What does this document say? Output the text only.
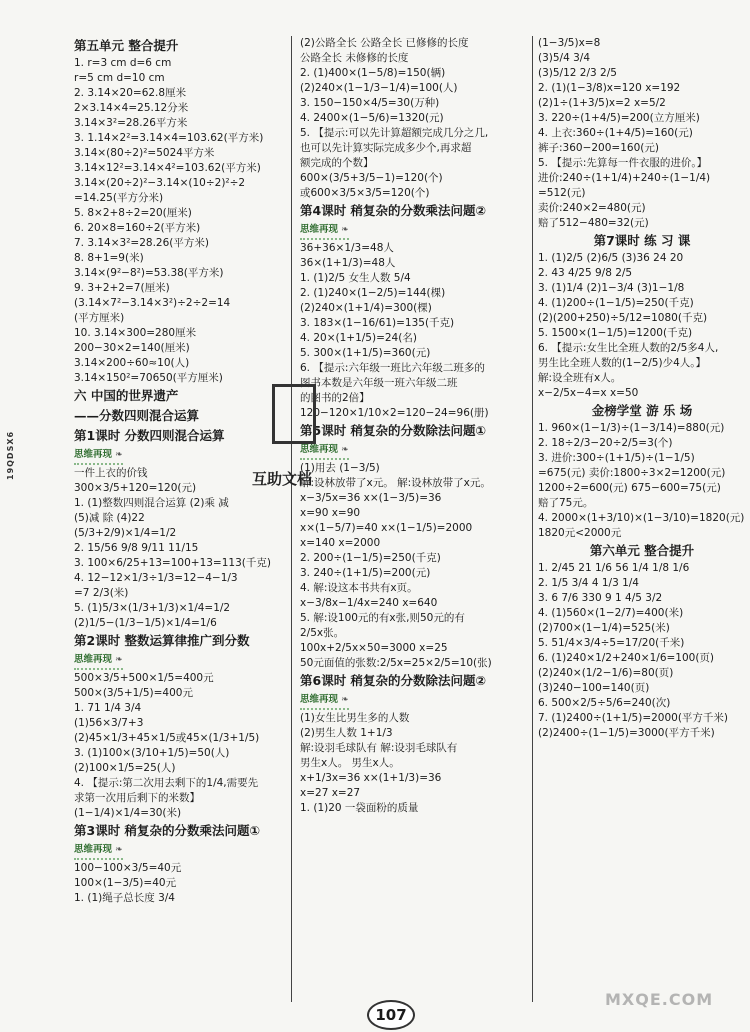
19QDSX6
第五单元 整合提升
1. r=3 cm d=6 cm
r=5 cm d=10 cm
2. 3.14×20=62.8厘米
2×3.14×4=25.12分米
3.14×3²=28.26平方米
3. 1.14×2²=3.14×4=103.62(平方米)
3.14×(80÷2)²=5024平方米
3.14×12²=3.14×4²=103.62(平方米)
3.14×(20÷2)²−3.14×(10÷2)²÷2
=14.25(平方分米)
5. 8×2+8÷2=20(厘米)
6. 20×8=160÷2(平方米)
7. 3.14×3²=28.26(平方米)
8. 8+1=9(米)
3.14×(9²−8²)=53.38(平方米)
9. 3+2+2=7(厘米)
(3.14×7²−3.14×3²)÷2÷2=14
(平方厘米)
10. 3.14×300=280厘米
200−30×2=140(厘米)
3.14×200÷60≈10(人)
3.14×150²=70650(平方厘米)
六 中国的世界遗产
——分数四则混合运算
第1课时 分数四则混合运算
思维再现 ❧
一件上衣的价钱
300×3/5+120=120(元)
1. (1)整数四则混合运算 (2)乘 减
(5)减 除 (4)22
(5/3+2/9)×1/4=1/2
2. 15/56 9/8 9/11 11/15
3. 100×6/25+13=100+13=113(千克)
4. 12−12×1/3÷1/3=12−4−1/3
=7 2/3(米)
5. (1)5/3×(1/3+1/3)×1/4=1/2
(2)1/5−(1/3−1/5)×1/4=1/6
第2课时 整数运算律推广到分数
思维再现 ❧
500×3/5+500×1/5=400元
500×(3/5+1/5)=400元
1. 71 1/4 3/4
(1)56×3/7+3
(2)45×1/3+45×1/5或45×(1/3+1/5)
3. (1)100×(3/10+1/5)=50(人)
(2)100×1/5=25(人)
4. 【提示:第二次用去剩下的1/4,需要先
求第一次用后剩下的米数】
(1−1/4)×1/4=30(米)
第3课时 稍复杂的分数乘法问题①
思维再现 ❧
100−100×3/5=40元
100×(1−3/5)=40元
1. (1)绳子总长度 3/4
(2)公路全长 公路全长 已修修的长度
公路全长 未修修的长度
2. (1)400×(1−5/8)=150(辆)
(2)240×(1−1/3−1/4)=100(人)
3. 150−150×4/5=30(万种)
4. 2400×(1−5/6)=1320(元)
5. 【提示:可以先计算超额完成几分之几,
也可以先计算实际完成多少个,再求超
额完成的个数】
600×(3/5+3/5−1)=120(个)
或600×3/5×3/5=120(个)
第4课时 稍复杂的分数乘法问题②
思维再现 ❧
36+36×1/3=48人
36×(1+1/3)=48人
1. (1)2/5 女生人数 5/4
2. (1)240×(1−2/5)=144(棵)
(2)240×(1+1/4)=300(棵)
3. 183×(1−16/61)=135(千克)
4. 20×(1+1/5)=24(名)
5. 300×(1+1/5)=360(元)
6. 【提示:六年级一班比六年级二班多的
图书本数是六年级一班六年级二班
的图书的2倍】
120−120×1/10×2=120−24=96(册)
第5课时 稍复杂的分数除法问题①
思维再现 ❧
(1)用去 (1−3/5)
解:设林放带了x元。 解:设林放带了x元。
x−3/5x=36 x×(1−3/5)=36
x=90 x=90
x×(1−5/7)=40 x×(1−1/5)=2000
x=140 x=2000
2. 200÷(1−1/5)=250(千克)
3. 240÷(1+1/5)=200(元)
4. 解:设这本书共有x页。
x−3/8x−1/4x=240 x=640
5. 解:设100元的有x张,则50元的有
2/5x张。
100x+2/5x×50=3000 x=25
50元面值的张数:2/5x=25×2/5=10(张)
第6课时 稍复杂的分数除法问题②
思维再现 ❧
(1)女生比男生多的人数
(2)男生人数 1+1/3
解:设羽毛球队有 解:设羽毛球队有
男生x人。 男生x人。
x+1/3x=36 x×(1+1/3)=36
x=27 x=27
1. (1)20 一袋面粉的质量
(1−3/5)x=8
(3)5/4 3/4
(3)5/12 2/3 2/5
2. (1)(1−3/8)x=120 x=192
(2)1÷(1+3/5)x=2 x=5/2
3. 220÷(1+4/5)=200(立方厘米)
4. 上衣:360÷(1+4/5)=160(元)
裤子:360−200=160(元)
5. 【提示:先算每一件衣服的进价。】
进价:240÷(1+1/4)+240÷(1−1/4)
=512(元)
卖价:240×2=480(元)
赔了512−480=32(元)
第7课时 练 习 课
1. (1)2/5 (2)6/5 (3)36 24 20
2. 43 4/25 9/8 2/5
3. (1)1/4 (2)1−3/4 (3)1−1/8
4. (1)200÷(1−1/5)=250(千克)
(2)(200+250)÷5/12=1080(千克)
5. 1500×(1−1/5)=1200(千克)
6. 【提示:女生比全班人数的2/5多4人,
男生比全班人数的(1−2/5)少4人。】
解:设全班有x人。
x−2/5x−4=x x=50
金榜学堂 游 乐 场
1. 960×(1−1/3)÷(1−3/14)=880(元)
2. 18÷2/3−20÷2/5=3(个)
3. 进价:300÷(1+1/5)÷(1−1/5)
=675(元) 卖价:1800÷3×2=1200(元)
1200÷2=600(元) 675−600=75(元)
赔了75元。
4. 2000×(1+3/10)×(1−3/10)=1820(元)
1820元<2000元
第六单元 整合提升
1. 2/45 21 1/6 56 1/4 1/8 1/6
2. 1/5 3/4 4 1/3 1/4
3. 6 7/6 330 9 1 4/5 3/2
4. (1)560×(1−2/7)=400(米)
(2)700×(1−1/4)=525(米)
5. 51/4×3/4÷5=17/20(千米)
6. (1)240×1/2+240×1/6=100(页)
(2)240×(1/2−1/6)=80(页)
(3)240−100=140(页)
6. 500×2/5÷5/6=240(次)
7. (1)2400÷(1+1/5)=2000(平方千米)
(2)2400÷(1−1/5)=3000(平方千米)
互助文档
107
MXQE.COM
